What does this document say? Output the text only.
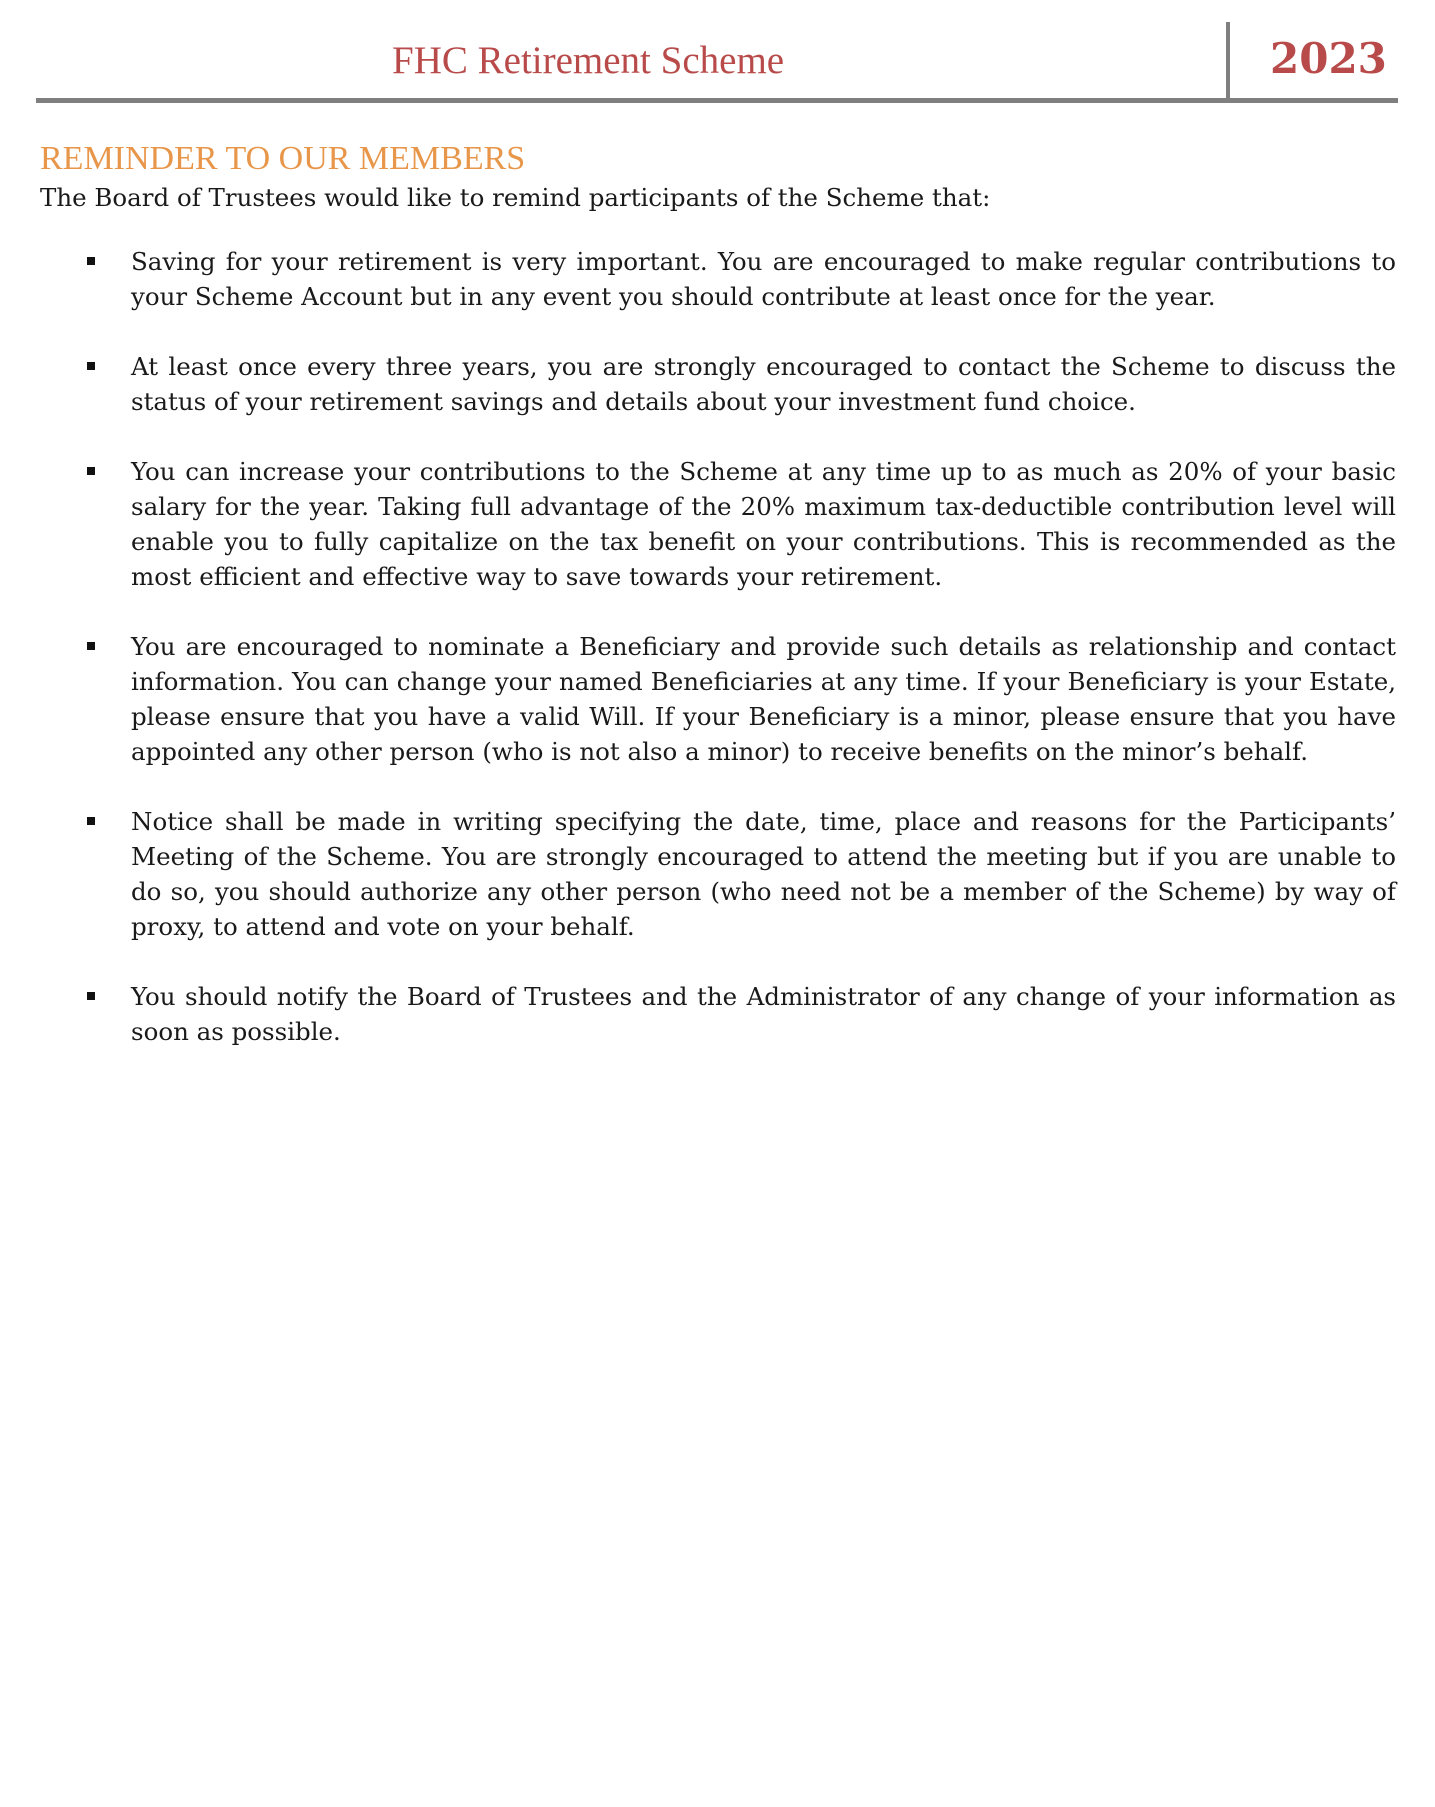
FHC Retirement Scheme	2023
REMINDER TO OUR MEMBERS

The Board of Trustees would like to remind participants of the Scheme that:

Saving for your retirement is very important. You are encouraged to make regular contributions to your Scheme Account but in any event you should contribute at least once for the year.
At least once every three years, you are strongly encouraged to contact the Scheme to discuss the status of your retirement savings and details about your investment fund choice.
You can increase your contributions to the Scheme at any time up to as much as 20% of your basic salary for the year. Taking full advantage of the 20% maximum tax-deductible contribution level will enable you to fully capitalize on the tax benefit on your contributions. This is recommended as the most efficient and effective way to save towards your retirement.
You are encouraged to nominate a Beneficiary and provide such details as relationship and contact information. You can change your named Beneficiaries at any time. If your Beneficiary is your Estate, please ensure that you have a valid Will. If your Beneficiary is a minor, please ensure that you have appointed any other person (who is not also a minor) to receive benefits on the minor’s behalf.
Notice shall be made in writing specifying the date, time, place and reasons for the Participants’ Meeting of the Scheme. You are strongly encouraged to attend the meeting but if you are unable to do so, you should authorize any other person (who need not be a member of the Scheme) by way of proxy, to attend and vote on your behalf.
You should notify the Board of Trustees and the Administrator of any change of your information as soon as possible.
